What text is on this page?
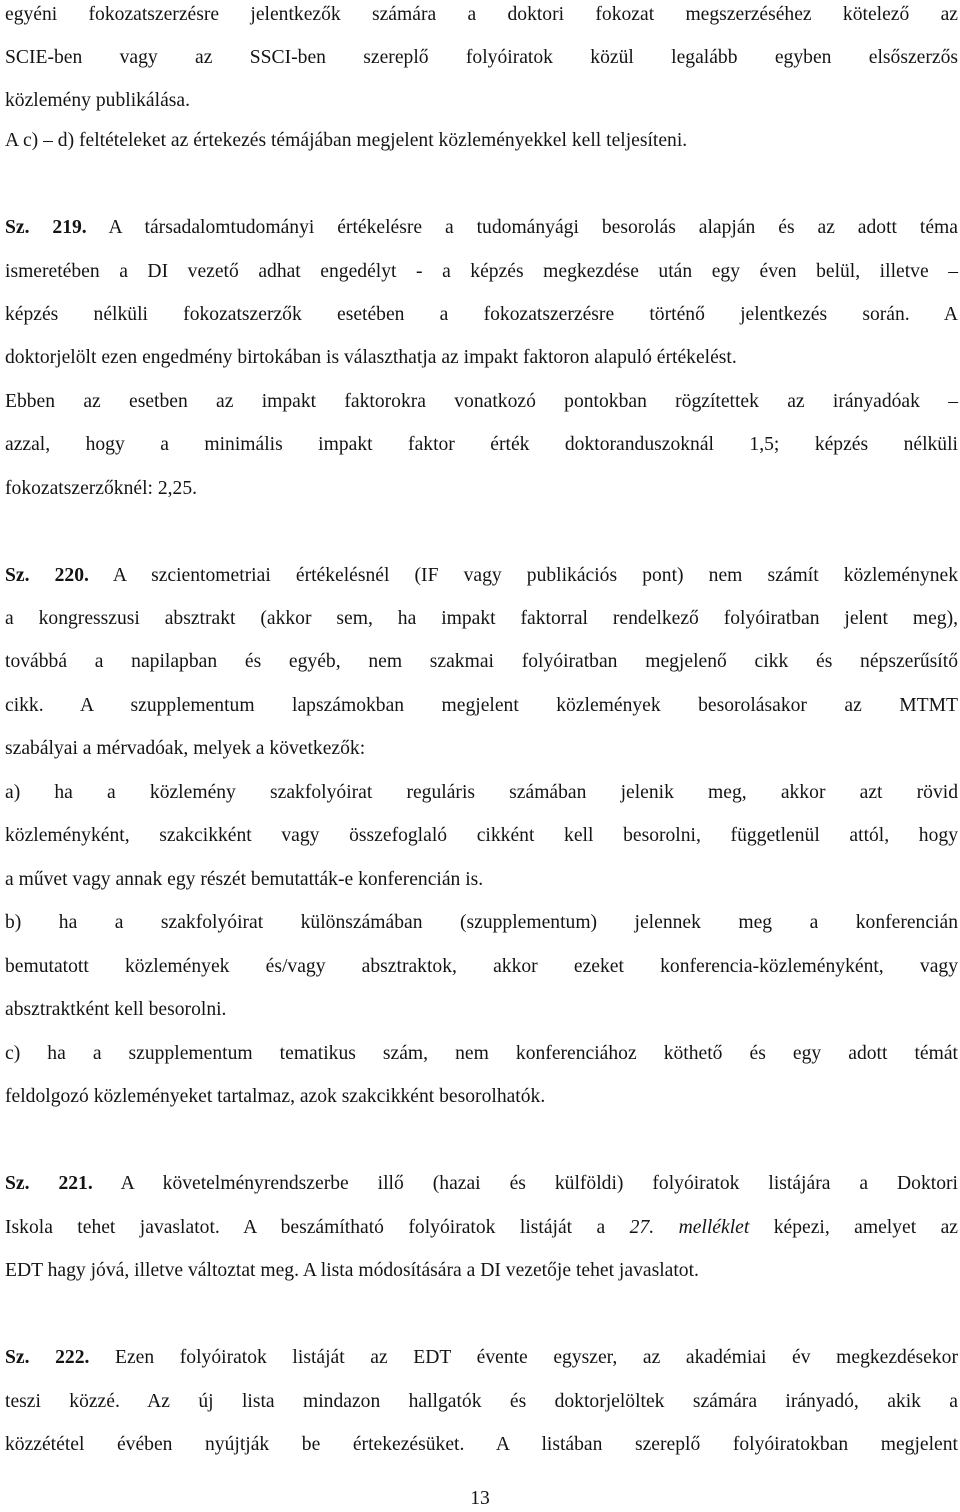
egyéni fokozatszerzésre jelentkezők számára a doktori fokozat megszerzéséhez kötelező az
SCIE-ben vagy az SSCI-ben szereplő folyóiratok közül legalább egyben elsőszerzős
közlemény publikálása.
A c) – d) feltételeket az értekezés témájában megjelent közleményekkel kell teljesíteni.
Sz. 219. A társadalomtudományi értékelésre a tudományági besorolás alapján és az adott téma
ismeretében a DI vezető adhat engedélyt - a képzés megkezdése után egy éven belül, illetve –
képzés nélküli fokozatszerzők esetében a fokozatszerzésre történő jelentkezés során. A
doktorjelölt ezen engedmény birtokában is választhatja az impakt faktoron alapuló értékelést.
Ebben az esetben az impakt faktorokra vonatkozó pontokban rögzítettek az irányadóak –
azzal, hogy a minimális impakt faktor érték doktoranduszoknál 1,5; képzés nélküli
fokozatszerzőknél: 2,25.
Sz. 220. A szcientometriai értékelésnél (IF vagy publikációs pont) nem számít közleménynek
a kongresszusi absztrakt (akkor sem, ha impakt faktorral rendelkező folyóiratban jelent meg),
továbbá a napilapban és egyéb, nem szakmai folyóiratban megjelenő cikk és népszerűsítő
cikk. A szupplementum lapszámokban megjelent közlemények besorolásakor az MTMT
szabályai a mérvadóak, melyek a következők:
a) ha a közlemény szakfolyóirat reguláris számában jelenik meg, akkor azt rövid
közleményként, szakcikként vagy összefoglaló cikként kell besorolni, függetlenül attól, hogy
a művet vagy annak egy részét bemutatták-e konferencián is.
b) ha a szakfolyóirat különszámában (szupplementum) jelennek meg a konferencián
bemutatott közlemények és/vagy absztraktok, akkor ezeket konferencia-közleményként, vagy
absztraktként kell besorolni.
c) ha a szupplementum tematikus szám, nem konferenciához köthető és egy adott témát
feldolgozó közleményeket tartalmaz, azok szakcikként besorolhatók.
Sz. 221. A követelményrendszerbe illő (hazai és külföldi) folyóiratok listájára a Doktori
Iskola tehet javaslatot. A beszámítható folyóiratok listáját a 27. melléklet képezi, amelyet az
EDT hagy jóvá, illetve változtat meg. A lista módosítására a DI vezetője tehet javaslatot.
Sz. 222. Ezen folyóiratok listáját az EDT évente egyszer, az akadémiai év megkezdésekor
teszi közzé. Az új lista mindazon hallgatók és doktorjelöltek számára irányadó, akik a
közzététel évében nyújtják be értekezésüket. A listában szereplő folyóiratokban megjelent
13
